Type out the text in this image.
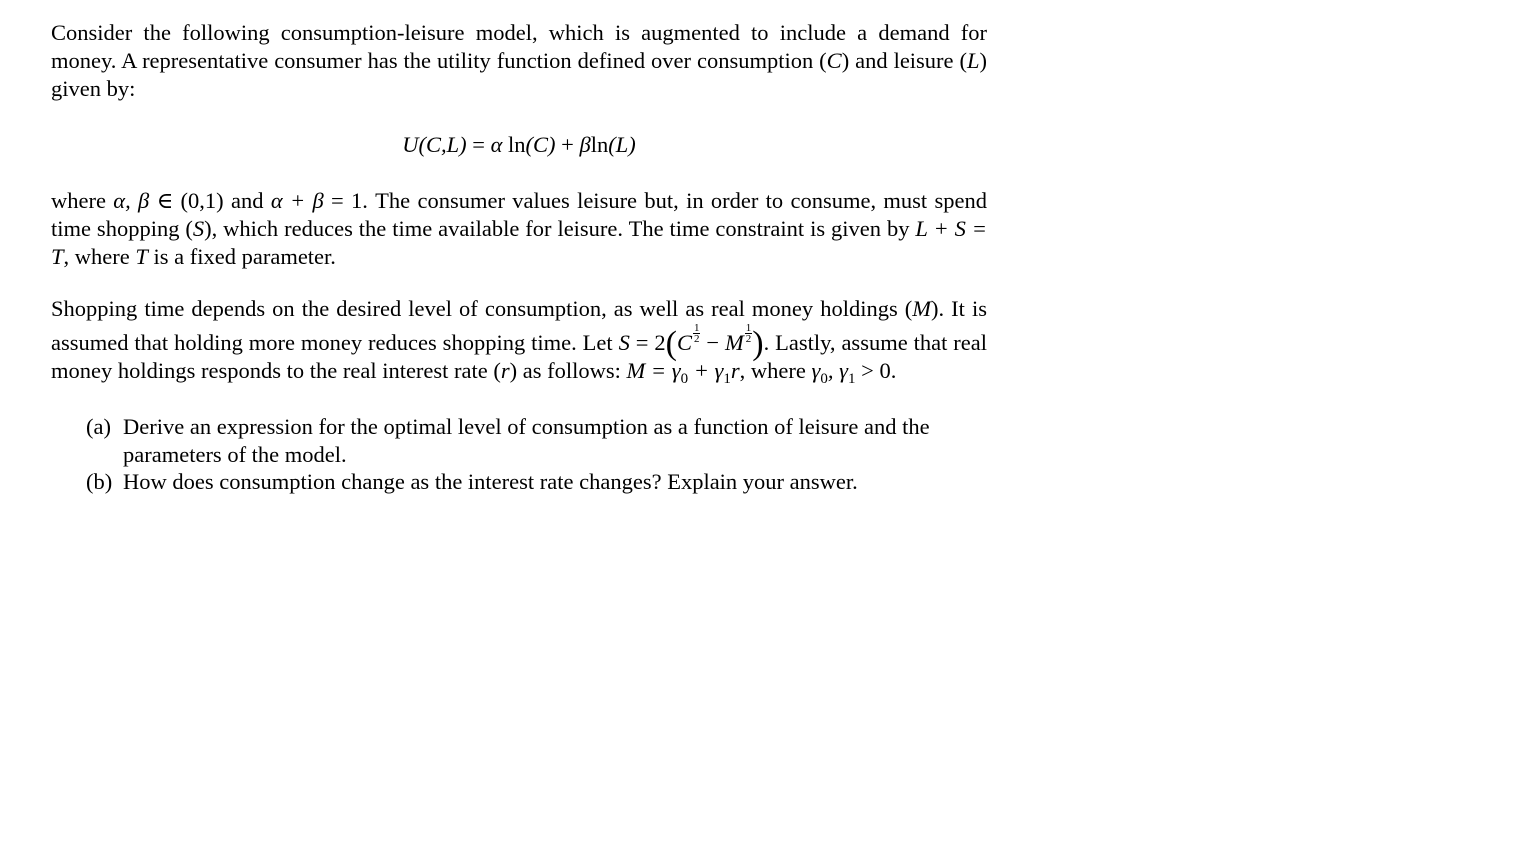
Consider the following consumption-leisure model, which is augmented to include a demand for money. A representative consumer has the utility function defined over consumption (C) and leisure (L) given by:

U(C,L) = α ln(C) + βln(L)

where α, β ∈ (0,1) and α + β = 1. The consumer values leisure but, in order to consume, must spend time shopping (S), which reduces the time available for leisure. The time constraint is given by L + S = T, where T is a fixed parameter.

Shopping time depends on the desired level of consumption, as well as real money holdings (M). It is assumed that holding more money reduces shopping time. Let $S = 2(C \frac{1}{2} - M \frac{1}{2}$ ). Lastly, assume that real money holdings responds to the real interest rate (r) as follows: $M = \gamma_0 + \gamma_1r$, where $\gamma_0$, $\gamma_1 > 0$.

(a) Derive an expression for the optimal level of consumption as a function of leisure and the parameters of the model.
(b) How does consumption change as the interest rate changes? Explain your answer.
